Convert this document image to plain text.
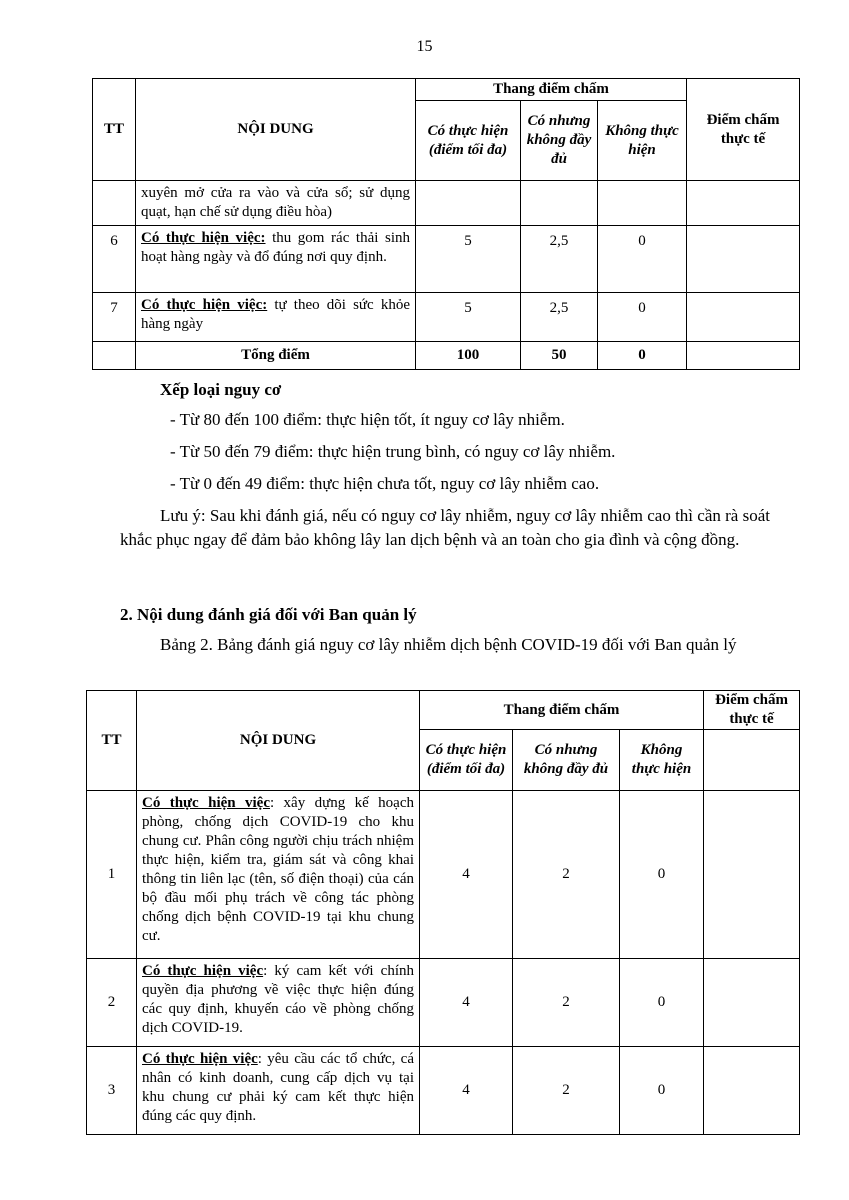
15
TT	NỘI DUNG	Thang điểm chấm			Điểm chấm thực tế
		Có thực hiện (điểm tối đa)	Có nhưng không đầy đủ	Không thực hiện	
	xuyên mở cửa ra vào và cửa sổ; sử dụng quạt, hạn chế sử dụng điều hòa)				
6	Có thực hiện việc: thu gom rác thải sinh hoạt hàng ngày và đổ đúng nơi quy định.	5	2,5	0	
7	Có thực hiện việc: tự theo dõi sức khỏe hàng ngày	5	2,5	0	
	Tổng điểm	100	50	0	

Xếp loại nguy cơ

- Từ 80 đến 100 điểm: thực hiện tốt, ít nguy cơ lây nhiễm.

- Từ 50 đến 79 điểm: thực hiện trung bình, có nguy cơ lây nhiễm.

- Từ 0 đến 49 điểm: thực hiện chưa tốt, nguy cơ lây nhiễm cao.

Lưu ý: Sau khi đánh giá, nếu có nguy cơ lây nhiễm, nguy cơ lây nhiễm cao thì cần rà soát khắc phục ngay để đảm bảo không lây lan dịch bệnh và an toàn cho gia đình và cộng đồng.

2. Nội dung đánh giá đối với Ban quản lý

Bảng 2. Bảng đánh giá nguy cơ lây nhiễm dịch bệnh COVID-19 đối với Ban quản lý

TT	NỘI DUNG	Thang điểm chấm			Điểm chấm thực tế
		Có thực hiện (điểm tối đa)	Có nhưng không đầy đủ	Không thực hiện	
1	Có thực hiện việc: xây dựng kế hoạch phòng, chống dịch COVID-19 cho khu chung cư. Phân công người chịu trách nhiệm thực hiện, kiểm tra, giám sát và công khai thông tin liên lạc (tên, số điện thoại) của cán bộ đầu mối phụ trách về công tác phòng chống dịch bệnh COVID-19 tại khu chung cư.	4	2	0	
2	Có thực hiện việc: ký cam kết với chính quyền địa phương về việc thực hiện đúng các quy định, khuyến cáo về phòng chống dịch COVID-19.	4	2	0	
3	Có thực hiện việc: yêu cầu các tổ chức, cá nhân có kinh doanh, cung cấp dịch vụ tại khu chung cư phải ký cam kết thực hiện đúng các quy định.	4	2	0	
